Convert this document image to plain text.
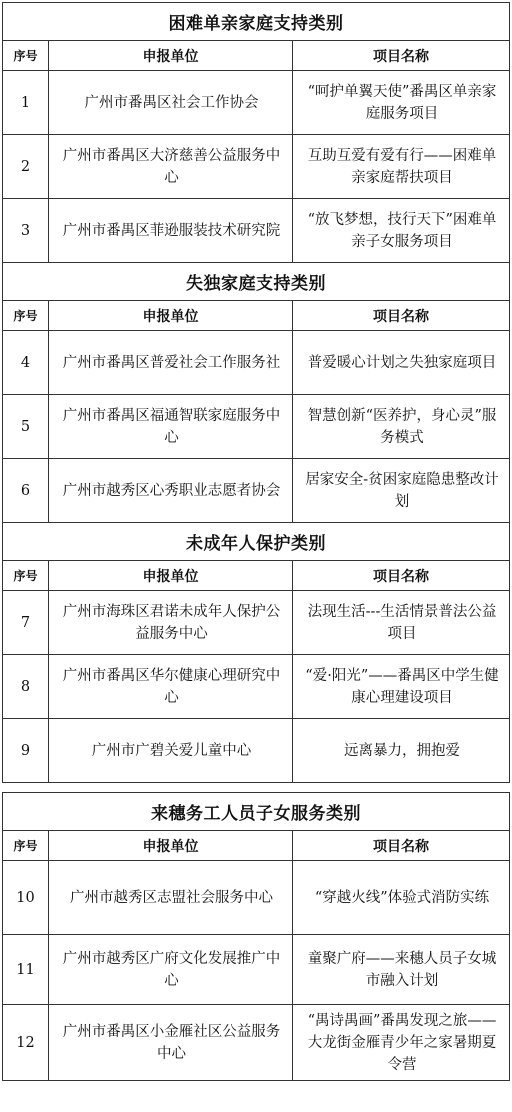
困难单亲家庭支持类别		
序号	申报单位	项目名称
1	广州市番禺区社会工作协会	“呵护单翼天使”番禺区单亲家庭服务项目
2	广州市番禺区大济慈善公益服务中心	互助互爱有爱有行——困难单亲家庭帮扶项目
3	广州市番禺区菲逊服装技术研究院	“放飞梦想，技行天下”困难单亲子女服务项目
失独家庭支持类别		
序号	申报单位	项目名称
4	广州市番禺区普爱社会工作服务社	普爱暖心计划之失独家庭项目
5	广州市番禺区福通智联家庭服务中心	智慧创新“医养护，身心灵”服务模式
6	广州市越秀区心秀职业志愿者协会	居家安全-贫困家庭隐患整改计划
未成年人保护类别		
序号	申报单位	项目名称
7	广州市海珠区君诺未成年人保护公益服务中心	法现生活---生活情景普法公益项目
8	广州市番禺区华尔健康心理研究中心	“爱·阳光”——番禺区中学生健康心理建设项目
9	广州市广碧关爱儿童中心	远离暴力，拥抱爱
来穗务工人员子女服务类别		
序号	申报单位	项目名称
10	广州市越秀区志盟社会服务中心	“穿越火线”体验式消防实练
11	广州市越秀区广府文化发展推广中心	童聚广府——来穗人员子女城市融入计划
12	广州市番禺区小金雁社区公益服务中心	“禺诗禺画”番禺发现之旅——大龙街金雁青少年之家暑期夏令营
